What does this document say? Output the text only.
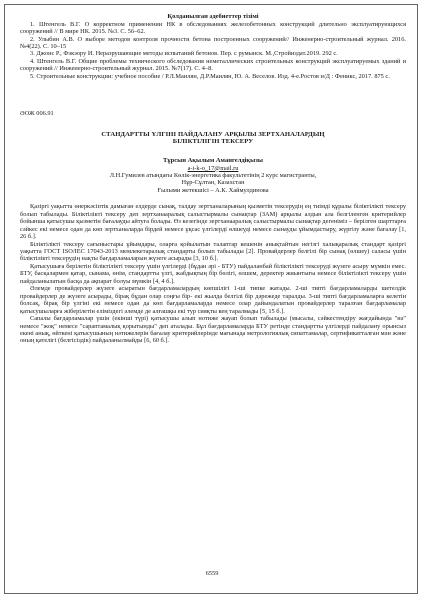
Қолданылған әдебиеттер тізімі

1. Штенгель В.Г. О корректном применении НК в обследованиях железобетонных конструкций длительно эксплуатирующихся сооружений // В мире НК. 2015. №3. С. 56–62.

2. Улыбин А.В. О выборе методов контроля прочности бетона построенных сооружений// Инженерно-строительный журнал. 2016. №4(22). С. 10–15

3. Джонс Р., Фэкэору И. Неразрушающие методы испытаний бетонов. Пер. с румынск. М.,Стройиздат.2019. 292 с.

4. Штенгель В.Г. Общие проблемы технического обследования неметаллических строительных конструкций эксплуатируемых зданий и сооружений // Инженерно-строительный журнал. 2015. №7(17). С. 4–8.

5. Строительные конструкции: учебное пособие / Р.Л.Маилян, Д.Р.Маилян, Ю. А. Веселов. Изд. 4-е.Ростов н/Д : Феникс, 2017. 875 с.

ӘОЖ 006.91

СТАНДАРТТЫ ҮЛГІНІ ПАЙДАЛАНУ АРҚЫЛЫ ЗЕРТХАНАЛАРДЫҢ
БІЛІКТІЛІГІН ТЕКСЕРУ
Тұрсын Ақылым Амангелдіқызы
a-i-k-o_17@mail.ru
Л.Н.Гумилев атындағы Көлік-энергетика факультетінің 2 курс магистранты,
Нұр-Сұлтан, Казахстан
Ғылыми жетекшісі – А.К. Хаймулдинова

Қазіргі уақытта өнеркәсіптік дамыған елдерде сынақ, талдау зертханаларының қызметін тексерудің ең тиімді құралы біліктілікті тексеру болып табылады. Біліктілікті тексеру деп зертханааралық салыстырмалы сынақтар (ЗАМ) арқылы алдын ала белгіленген критерийлер бойынша қатысушы қызметін бағалауды айтуға болады. Өз кезегінде зертханааралық салыстырмалы сынақтар дегеніміз – берілген шарттарға сәйкес екі немесе одан да көп зертханаларда бірдей немесе ұқсас үлгілерді өлшеуді немесе сынауды ұйымдастыру, жүргізу және бағалау [1, 26 б.].

Біліктілікті тексеру сағыныстары ұйымдары, оларға қойылатын талаптар кешенін анықтайтын негізгі халықаралық стандарт қазіргі уақытта ГОСТ ISO/IEC 17043-2013 мемлекетаралық стандарты болып табылады [2]. Провайдерлер белгілі бір сынақ (өлшеу) саласы үшін біліктілікті тексерудің нақты бағдарламаларын жүзеге асырады [3, 10 б.].

Қатысушыға берілетін біліктілікті тексеру үшін үлгілерді (бұдан әрі - БТУ) пайдаланбай біліктілікті тексеруді жүзеге асыру мүмкін емес. БТУ, басқалармен қатар, сынама, өнім, стандартты үлгі, жабдықтың бір бөлігі, өлшем, деректер жиынтығы немесе біліктілікті тексеру үшін пайдаланылатын басқа да ақпарат болуы мүмкін [4, 4 б.].

Әлемде провайдерлер жүзеге асыратын бағдарламалардың көпшілігі 1-ші типке жатады. 2-ші типті бағдарламаларды шетелдік провайдерлер де жүзеге асырады, бірақ бұдан олар соңғы бір- екі жылда белгілі бір дәрежеде таралды. 3-ші типті бағдарламаларға келетін болсақ, бірақ бір үлгіні екі немесе одан да көп бағдарламаларда немесе олар дайындалатын провайдерлер таралған бағдарламалар қатысушыларға жіберілетін еліміздегі әлемде де алғашқы екі тур сияқты кең таралмады [5, 15 б.].

Сапалы бағдарламалар үшін (екінші түрі) қатысушы алып нотиже жауап болып табылады (мысалы, сәйкестендіру жағдайында "иә" немесе "жоқ" немесе "сараптамалық қорытынды" деп аталады. Бұл бағдарламаларда БТУ ретінде стандартты үлгілерді пайдалану орынсыз екені анық, өйткені қатысушының нәтижелерін бағалау критерийлерінде мағынада метрологиялық сипаттамалар, сертификатталған мән және оның қателігі (белгісіздік) пайдаланылмайды [6, 60 б.].

6559
